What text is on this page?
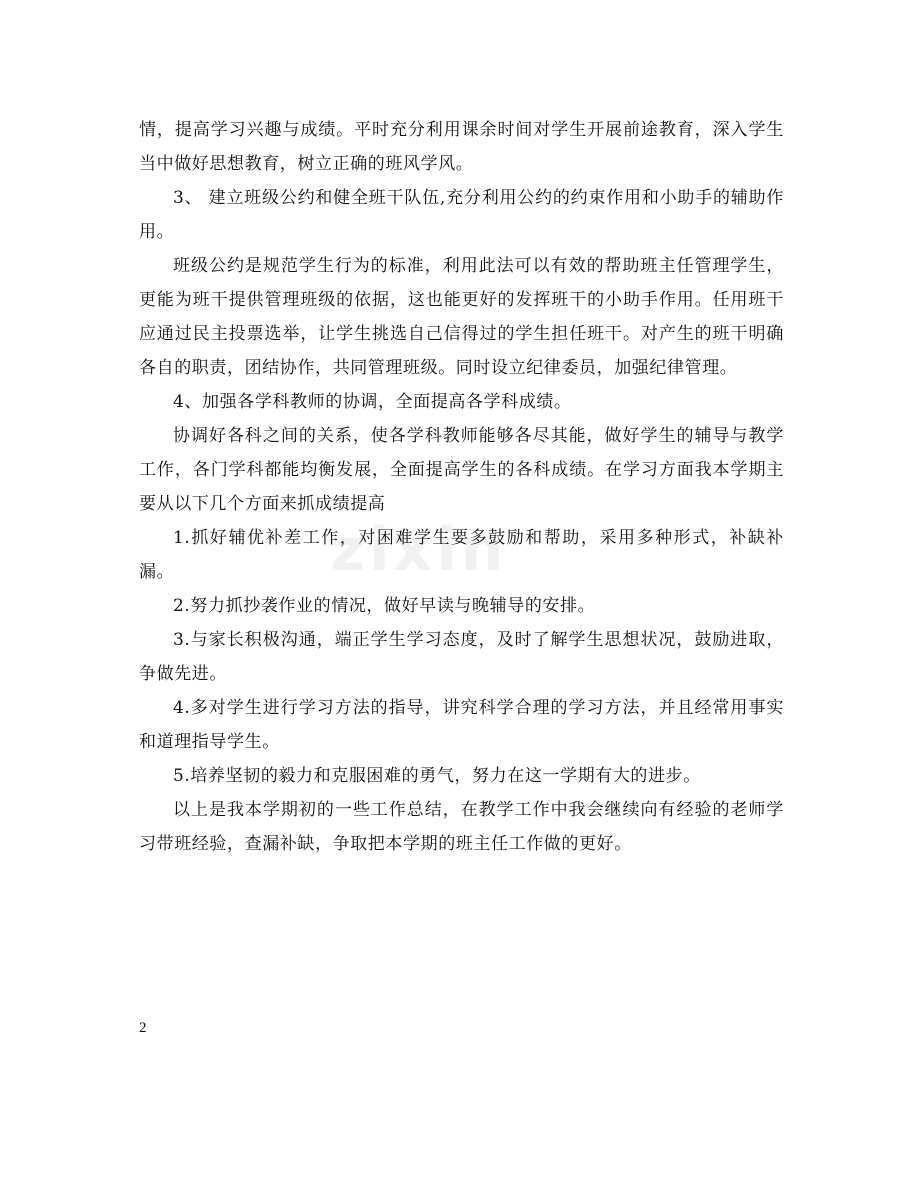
zixin

情，提高学习兴趣与成绩。平时充分利用课余时间对学生开展前途教育，深入学生当中做好思想教育，树立正确的班风学风。

3、 建立班级公约和健全班干队伍,充分利用公约的约束作用和小助手的辅助作用。

班级公约是规范学生行为的标准，利用此法可以有效的帮助班主任管理学生，更能为班干提供管理班级的依据，这也能更好的发挥班干的小助手作用。任用班干应通过民主投票选举，让学生挑选自己信得过的学生担任班干。对产生的班干明确各自的职责，团结协作，共同管理班级。同时设立纪律委员，加强纪律管理。

4、加强各学科教师的协调，全面提高各学科成绩。

协调好各科之间的关系，使各学科教师能够各尽其能，做好学生的辅导与教学工作，各门学科都能均衡发展，全面提高学生的各科成绩。在学习方面我本学期主要从以下几个方面来抓成绩提高

1.抓好辅优补差工作，对困难学生要多鼓励和帮助，采用多种形式，补缺补漏。

2.努力抓抄袭作业的情况，做好早读与晚辅导的安排。

3.与家长积极沟通，端正学生学习态度，及时了解学生思想状况，鼓励进取，争做先进。

4.多对学生进行学习方法的指导，讲究科学合理的学习方法，并且经常用事实和道理指导学生。

5.培养坚韧的毅力和克服困难的勇气，努力在这一学期有大的进步。

以上是我本学期初的一些工作总结，在教学工作中我会继续向有经验的老师学习带班经验，查漏补缺，争取把本学期的班主任工作做的更好。

2
